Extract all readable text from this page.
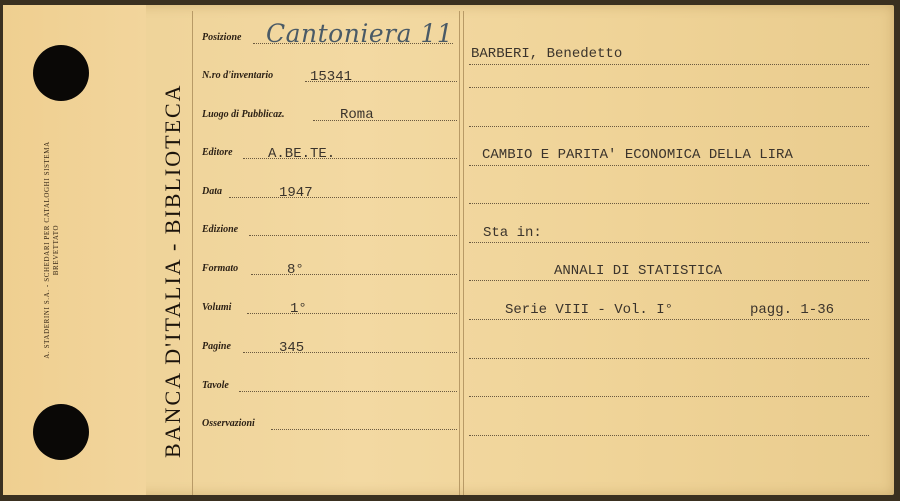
A. STADERINI S.A. - SCHEDARI PER CATALOGHI SISTEMA BREVETTATO	BANCA D'ITALIA - BIBLIOTECA
Posizione
N.ro d'inventario
Luogo di Pubblicaz.
Editore
Data
Edizione
Formato
Volumi
Pagine
Tavole
Osservazioni
Cantoniera 11
15341
Roma
A.BE.TE.
1947
8°
1°
345
BARBERI, Benedetto
CAMBIO E PARITA' ECONOMICA DELLA LIRA
Sta in:
ANNALI DI STATISTICA
Serie VIII - Vol. I°	pagg. 1-36
